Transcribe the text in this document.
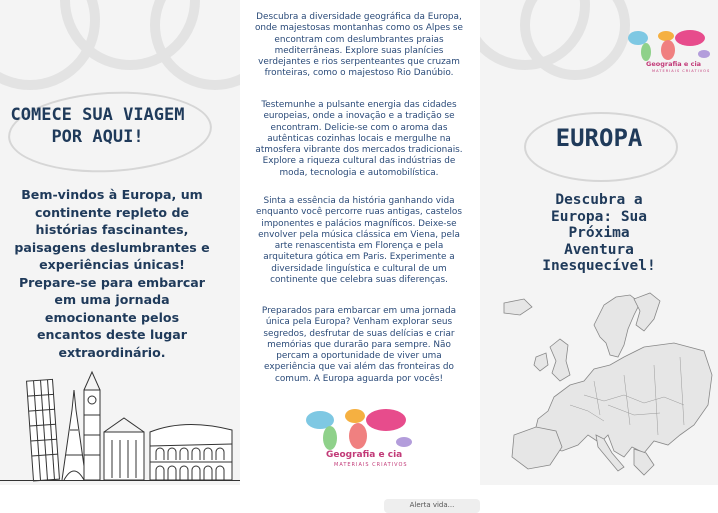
COMECE SUA VIAGEM POR AQUI!
Bem-vindos à Europa, um continente repleto de histórias fascinantes, paisagens deslumbrantes e experiências únicas! Prepare-se para embarcar em uma jornada emocionante pelos encantos deste lugar extraordinário.
Descubra a diversidade geográfica da Europa, onde majestosas montanhas como os Alpes se encontram com deslumbrantes praias mediterrâneas. Explore suas planícies verdejantes e rios serpenteantes que cruzam fronteiras, como o majestoso Rio Danúbio.
Testemunhe a pulsante energia das cidades europeias, onde a inovação e a tradição se encontram. Delicie-se com o aroma das autênticas cozinhas locais e mergulhe na atmosfera vibrante dos mercados tradicionais. Explore a riqueza cultural das indústrias de moda, tecnologia e automobilística.
Sinta a essência da história ganhando vida enquanto você percorre ruas antigas, castelos imponentes e palácios magníficos. Deixe-se envolver pela música clássica em Viena, pela arte renascentista em Florença e pela arquitetura gótica em Paris. Experimente a diversidade linguística e cultural de um continente que celebra suas diferenças.
Preparados para embarcar em uma jornada única pela Europa? Venham explorar seus segredos, desfrutar de suas delícias e criar memórias que durarão para sempre. Não percam a oportunidade de viver uma experiência que vai além das fronteiras do comum. A Europa aguarda por vocês!
Geografia e cia
MATERIAIS CRIATIVOS
Geografia e cia
MATERIAIS CRIATIVOS
EUROPA
Descubra a Europa: Sua Próxima Aventura Inesquecível!
Alerta vida...
